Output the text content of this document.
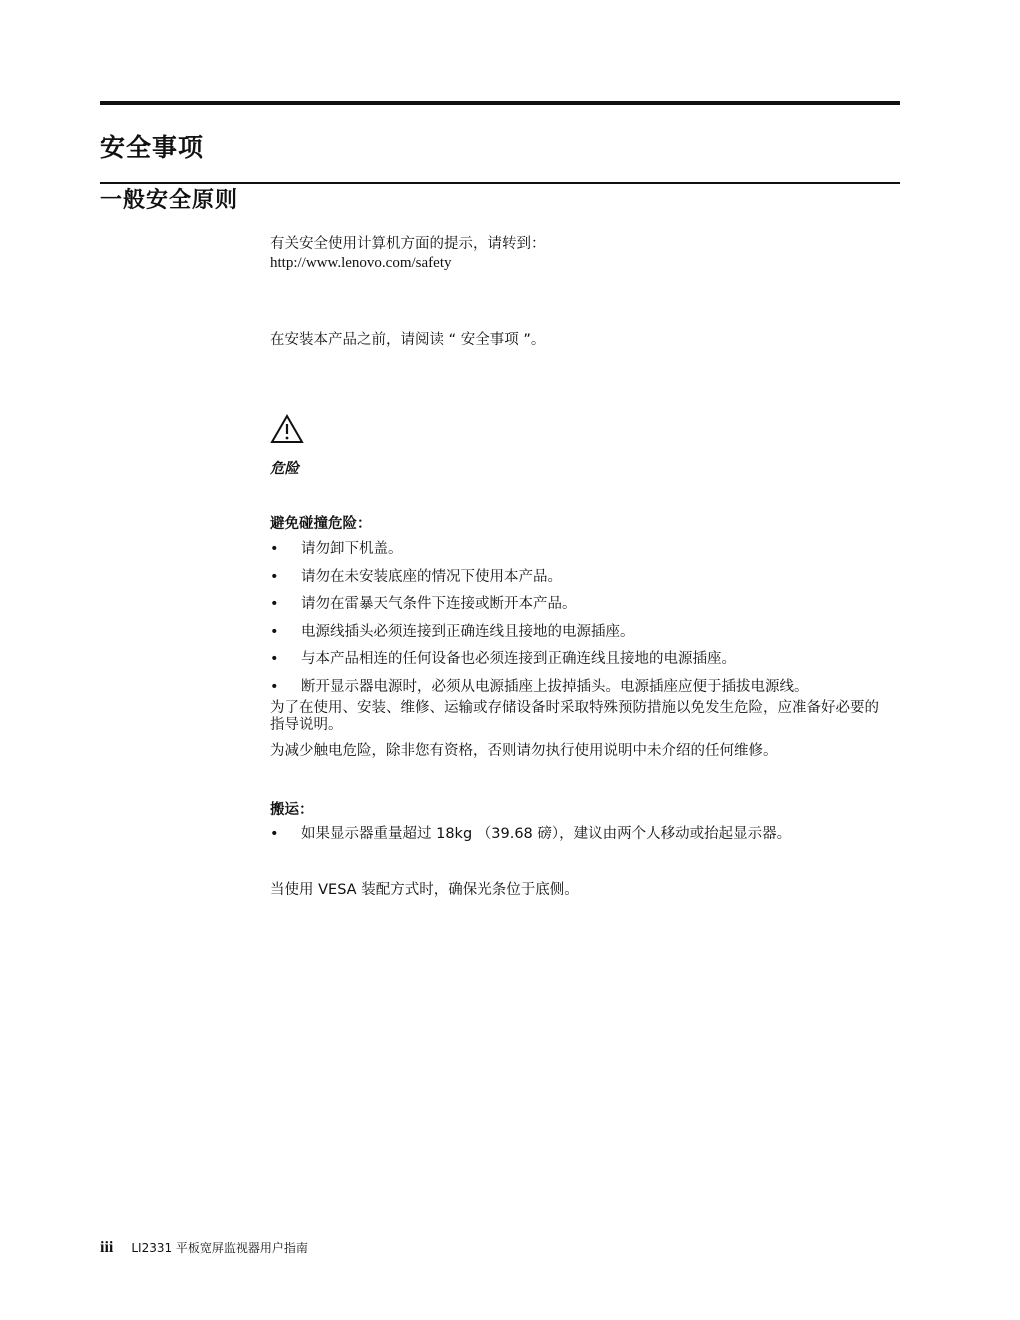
安全事项
一般安全原则
有关安全使用计算机方面的提示，请转到：
http://www.lenovo.com/safety
在安装本产品之前，请阅读 “ 安全事项 ”。
危险
避免碰撞危险：
• 请勿卸下机盖。
• 请勿在未安装底座的情况下使用本产品。
• 请勿在雷暴天气条件下连接或断开本产品。
• 电源线插头必须连接到正确连线且接地的电源插座。
• 与本产品相连的任何设备也必须连接到正确连线且接地的电源插座。
• 断开显示器电源时，必须从电源插座上拔掉插头。电源插座应便于插拔电源线。
为了在使用、安装、维修、运输或存储设备时采取特殊预防措施以免发生危险，应准备好必要的指导说明。
为减少触电危险，除非您有资格，否则请勿执行使用说明中未介绍的任何维修。
搬运：
• 如果显示器重量超过 18kg （39.68 磅），建议由两个人移动或抬起显示器。
当使用 VESA 装配方式时，确保光条位于底侧。
iii LI2331 平板宽屏监视器用户指南
